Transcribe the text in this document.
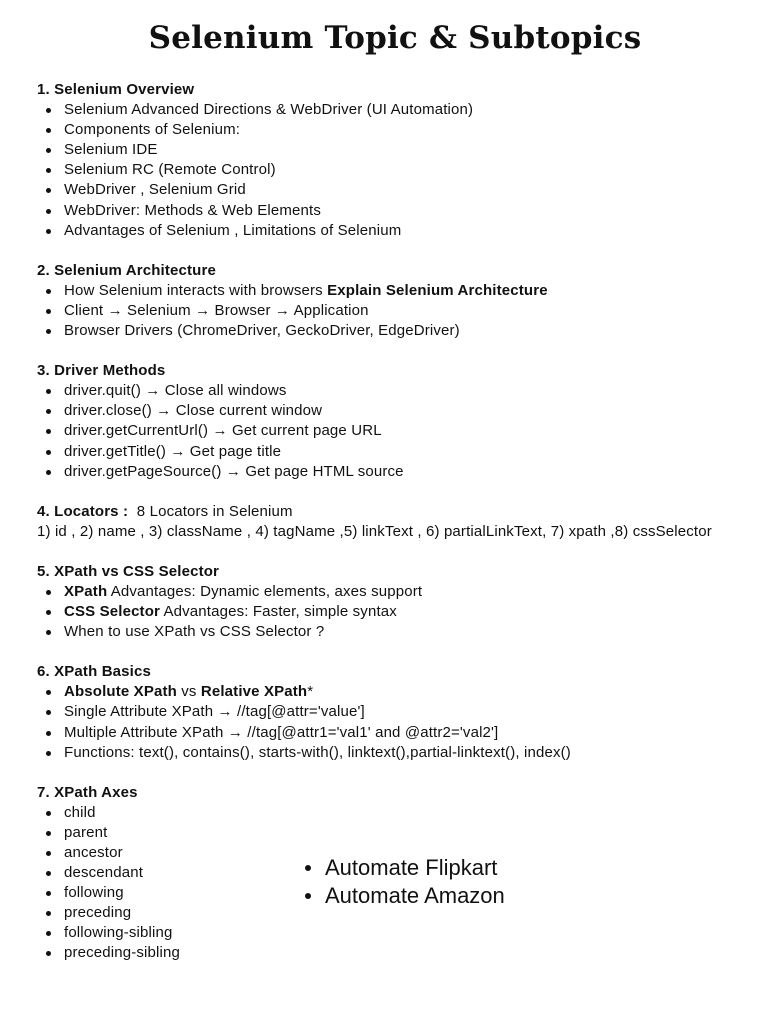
Selenium Topic & Subtopics
1. Selenium Overview
Selenium Advanced Directions & WebDriver (UI Automation)
Components of Selenium:
Selenium IDE
Selenium RC (Remote Control)
WebDriver , Selenium Grid
WebDriver: Methods & Web Elements
Advantages of Selenium , Limitations of Selenium
2. Selenium Architecture
How Selenium interacts with browsers Explain Selenium Architecture
Client → Selenium → Browser → Application
Browser Drivers (ChromeDriver, GeckoDriver, EdgeDriver)
3. Driver Methods
driver.quit() → Close all windows
driver.close() → Close current window
driver.getCurrentUrl() → Get current page URL
driver.getTitle() → Get page title
driver.getPageSource() → Get page HTML source
4. Locators :  8 Locators in Selenium
1) id , 2) name , 3) className , 4) tagName ,5) linkText , 6) partialLinkText, 7) xpath ,8) cssSelector
5. XPath vs CSS Selector
XPath Advantages: Dynamic elements, axes support
CSS Selector Advantages: Faster, simple syntax
When to use XPath vs CSS Selector ?
6. XPath Basics
Absolute XPath vs Relative XPath*
Single Attribute XPath → //tag[@attr='value']
Multiple Attribute XPath → //tag[@attr1='val1' and @attr2='val2']
Functions: text(), contains(), starts-with(), linktext(),partial-linktext(), index()
7. XPath Axes
child
parent
ancestor
descendant
following
preceding
following-sibling
preceding-sibling
Automate Flipkart
Automate Amazon
